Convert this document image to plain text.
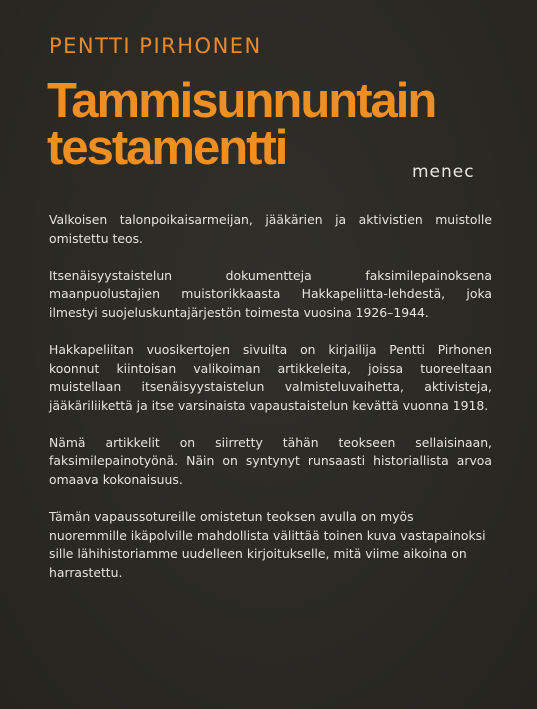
PENTTI PIRHONEN
Tammisunnuntain
testamentti	menec

Valkoisen talonpoikaisarmeijan, jääkärien ja aktivistien muistolle omistettu teos.

Itsenäisyystaistelun dokumentteja faksimilepainoksena maanpuolustajien muistorikkaasta Hakkapeliitta-lehdestä, joka ilmestyi suojeluskuntajärjestön toimesta vuosina 1926–1944.

Hakkapeliitan vuosikertojen sivuilta on kirjailija Pentti Pirhonen koonnut kiintoisan valikoiman artikkeleita, joissa tuoreeltaan muistellaan itsenäisyystaistelun valmisteluvaihetta, aktivisteja, jääkäriliikettä ja itse varsinaista vapaustaistelun kevättä vuonna 1918.

Nämä artikkelit on siirretty tähän teokseen sellaisinaan, faksimilepainotyönä. Näin on syntynyt runsaasti historiallista arvoa omaava kokonaisuus.

Tämän vapaussotureille omistetun teoksen avulla on myös nuoremmille ikäpolville mahdollista välittää toinen kuva vastapainoksi sille lähihistoriamme uudelleen kirjoitukselle, mitä viime aikoina on harrastettu.
